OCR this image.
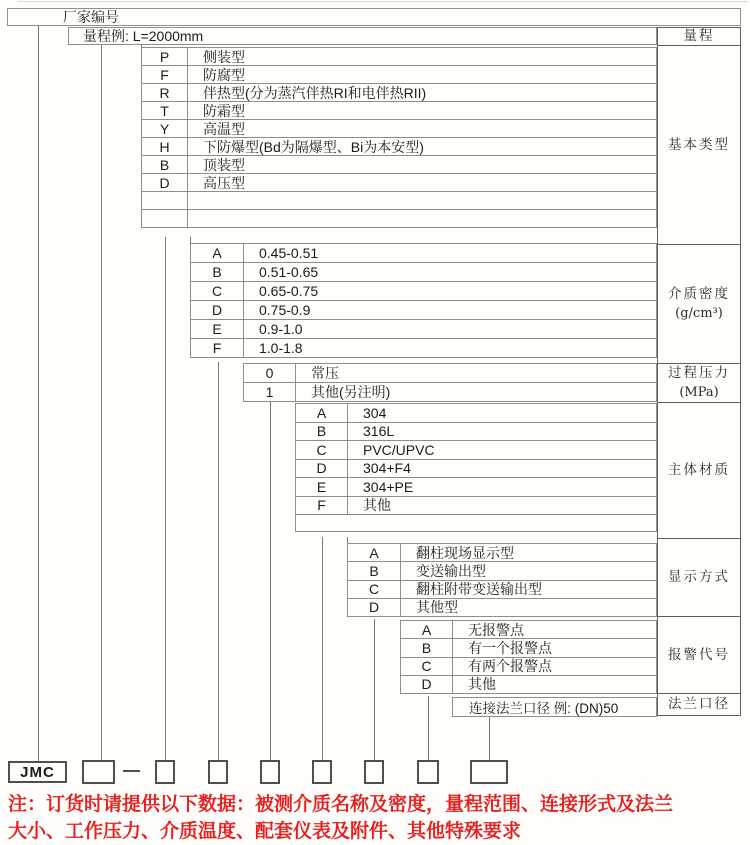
厂家编号
量程例: L=2000mm
P	侧装型
F	防腐型
R	伴热型(分为蒸汽伴热RI和电伴热RII)
T	防霜型
Y	高温型
H	下防爆型(Bd为隔爆型、Bi为本安型)
B	顶装型
D	高压型
A	0.45-0.51
B	0.51-0.65
C	0.65-0.75
D	0.75-0.9
E	0.9-1.0
F	1.0-1.8
0	常压
1	其他(另注明)
A	304
B	316L
C	PVC/UPVC
D	304+F4
E	304+PE
F	其他
A	翻柱现场显示型
B	变送输出型
C	翻柱附带变送输出型
D	其他型
A	无报警点
B	有一个报警点
C	有两个报警点
D	其他
连接法兰口径 例: (DN)50
量程
基本类型
介质密度
(g/cm³)
过程压力
(MPa)
主体材质
显示方式
报警代号
法兰口径
JMC
注：订货时请提供以下数据：被测介质名称及密度，量程范围、连接形式及法兰
大小、工作压力、介质温度、配套仪表及附件、其他特殊要求
